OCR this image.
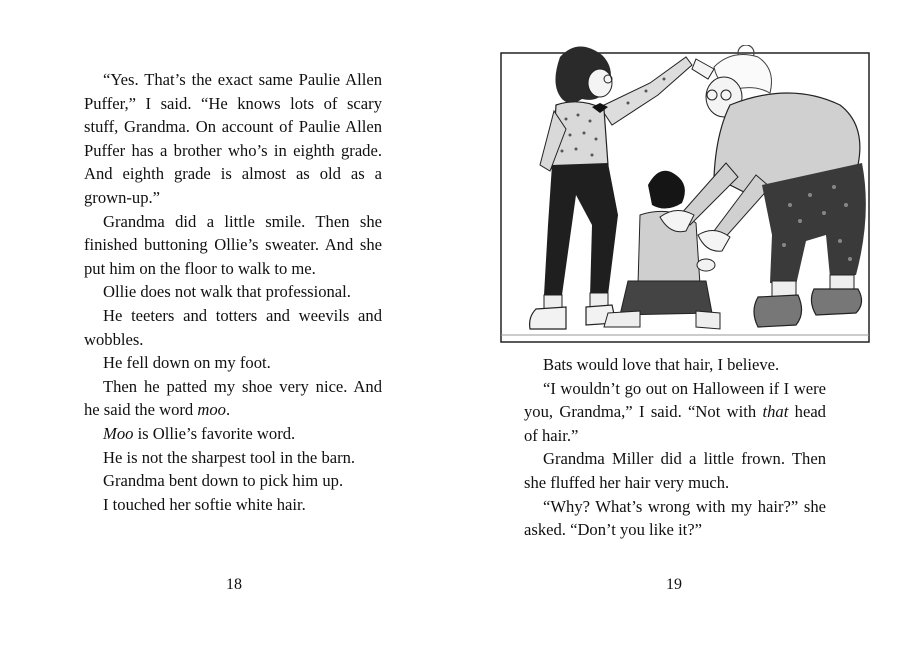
“Yes. That’s the exact same Paulie Allen Puffer,” I said. “He knows lots of scary stuff, Grandma. On account of Paulie Allen Puffer has a brother who’s in eighth grade. And eighth grade is almost as old as a grown-up.”

Grandma did a little smile. Then she finished buttoning Ollie’s sweater. And she put him on the floor to walk to me.

Ollie does not walk that professional.

He teeters and totters and weevils and wobbles.

He fell down on my foot.

Then he patted my shoe very nice. And he said the word moo.

Moo is Ollie’s favorite word.

He is not the sharpest tool in the barn.

Grandma bent down to pick him up.

I touched her softie white hair.

18

Bats would love that hair, I believe.

“I wouldn’t go out on Halloween if I were you, Grandma,” I said. “Not with that head of hair.”

Grandma Miller did a little frown. Then she fluffed her hair very much.

“Why? What’s wrong with my hair?” she asked. “Don’t you like it?”

19
